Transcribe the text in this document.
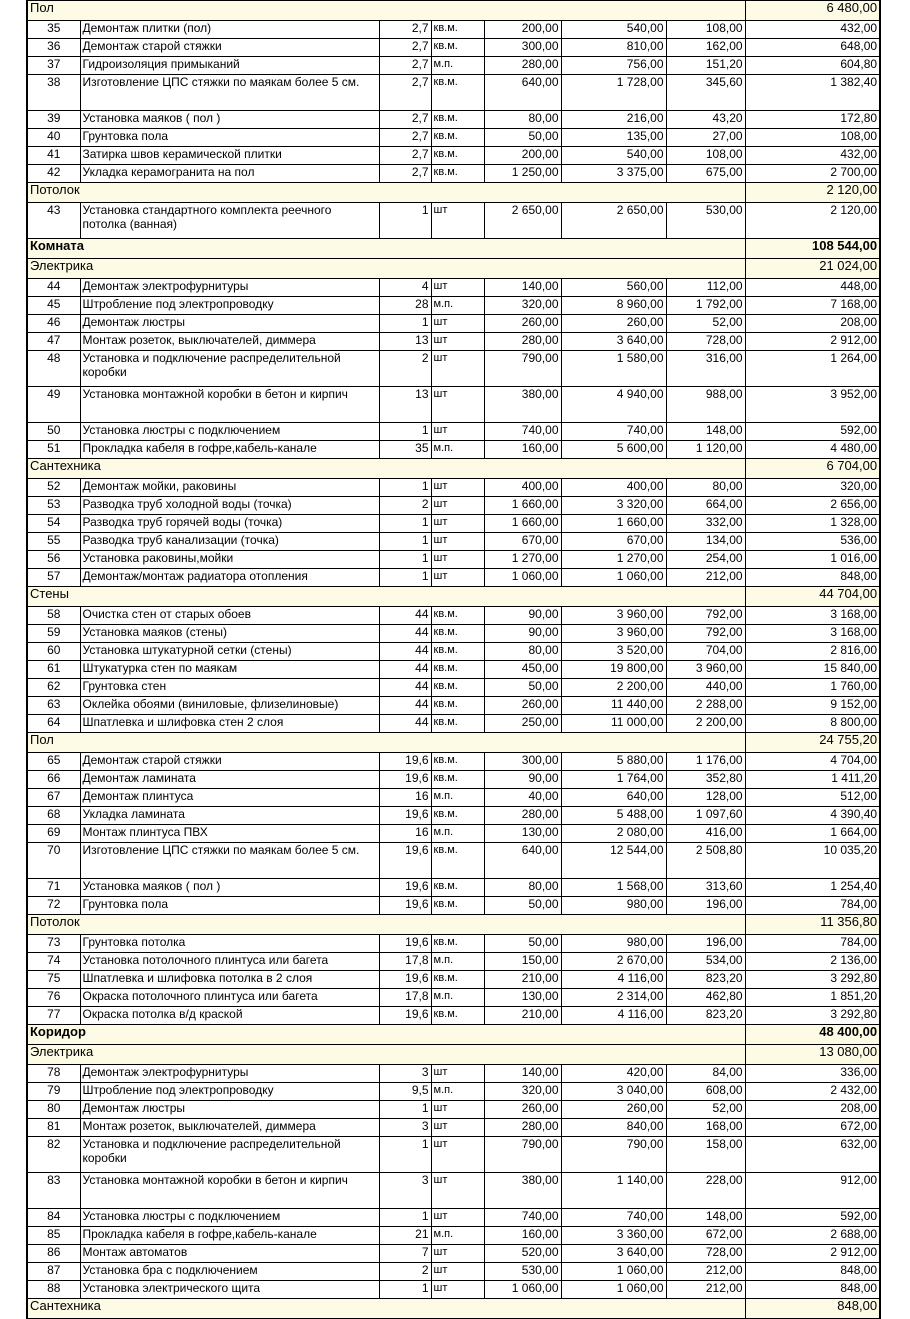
Пол							6 480,00
35	Демонтаж плитки (пол)	2,7	кв.м.	200,00	540,00	108,00	432,00
36	Демонтаж старой стяжки	2,7	кв.м.	300,00	810,00	162,00	648,00
37	Гидроизоляция примыканий	2,7	м.п.	280,00	756,00	151,20	604,80
38	Изготовление ЦПС стяжки по маякам более 5 см.	2,7	кв.м.	640,00	1 728,00	345,60	1 382,40
39	Установка маяков ( пол )	2,7	кв.м.	80,00	216,00	43,20	172,80
40	Грунтовка пола	2,7	кв.м.	50,00	135,00	27,00	108,00
41	Затирка швов керамической плитки	2,7	кв.м.	200,00	540,00	108,00	432,00
42	Укладка керамогранита на пол	2,7	кв.м.	1 250,00	3 375,00	675,00	2 700,00
Потолок							2 120,00
43	Установка стандартного комплекта реечного потолка (ванная)	1	шт	2 650,00	2 650,00	530,00	2 120,00
Комната							108 544,00
Электрика							21 024,00
44	Демонтаж электрофурнитуры	4	шт	140,00	560,00	112,00	448,00
45	Штробление под электропроводку	28	м.п.	320,00	8 960,00	1 792,00	7 168,00
46	Демонтаж люстры	1	шт	260,00	260,00	52,00	208,00
47	Монтаж розеток, выключателей, диммера	13	шт	280,00	3 640,00	728,00	2 912,00
48	Установка и подключение распределительной коробки	2	шт	790,00	1 580,00	316,00	1 264,00
49	Установка монтажной коробки в бетон и кирпич	13	шт	380,00	4 940,00	988,00	3 952,00
50	Установка люстры с подключением	1	шт	740,00	740,00	148,00	592,00
51	Прокладка кабеля в гофре,кабель-канале	35	м.п.	160,00	5 600,00	1 120,00	4 480,00
Сантехника							6 704,00
52	Демонтаж мойки, раковины	1	шт	400,00	400,00	80,00	320,00
53	Разводка труб холодной воды (точка)	2	шт	1 660,00	3 320,00	664,00	2 656,00
54	Разводка труб горячей воды (точка)	1	шт	1 660,00	1 660,00	332,00	1 328,00
55	Разводка труб канализации (точка)	1	шт	670,00	670,00	134,00	536,00
56	Установка раковины,мойки	1	шт	1 270,00	1 270,00	254,00	1 016,00
57	Демонтаж/монтаж радиатора отопления	1	шт	1 060,00	1 060,00	212,00	848,00
Стены							44 704,00
58	Очистка стен от старых обоев	44	кв.м.	90,00	3 960,00	792,00	3 168,00
59	Установка маяков (стены)	44	кв.м.	90,00	3 960,00	792,00	3 168,00
60	Установка штукатурной сетки (стены)	44	кв.м.	80,00	3 520,00	704,00	2 816,00
61	Штукатурка стен по маякам	44	кв.м.	450,00	19 800,00	3 960,00	15 840,00
62	Грунтовка стен	44	кв.м.	50,00	2 200,00	440,00	1 760,00
63	Оклейка обоями (виниловые, флизелиновые)	44	кв.м.	260,00	11 440,00	2 288,00	9 152,00
64	Шпатлевка и шлифовка стен 2 слоя	44	кв.м.	250,00	11 000,00	2 200,00	8 800,00
Пол							24 755,20
65	Демонтаж старой стяжки	19,6	кв.м.	300,00	5 880,00	1 176,00	4 704,00
66	Демонтаж ламината	19,6	кв.м.	90,00	1 764,00	352,80	1 411,20
67	Демонтаж плинтуса	16	м.п.	40,00	640,00	128,00	512,00
68	Укладка ламината	19,6	кв.м.	280,00	5 488,00	1 097,60	4 390,40
69	Монтаж плинтуса ПВХ	16	м.п.	130,00	2 080,00	416,00	1 664,00
70	Изготовление ЦПС стяжки по маякам более 5 см.	19,6	кв.м.	640,00	12 544,00	2 508,80	10 035,20
71	Установка маяков ( пол )	19,6	кв.м.	80,00	1 568,00	313,60	1 254,40
72	Грунтовка пола	19,6	кв.м.	50,00	980,00	196,00	784,00
Потолок							11 356,80
73	Грунтовка потолка	19,6	кв.м.	50,00	980,00	196,00	784,00
74	Установка потолочного плинтуса или багета	17,8	м.п.	150,00	2 670,00	534,00	2 136,00
75	Шпатлевка и шлифовка потолка в 2 слоя	19,6	кв.м.	210,00	4 116,00	823,20	3 292,80
76	Окраска потолочного плинтуса или багета	17,8	м.п.	130,00	2 314,00	462,80	1 851,20
77	Окраска потолка в/д краской	19,6	кв.м.	210,00	4 116,00	823,20	3 292,80
Коридор							48 400,00
Электрика							13 080,00
78	Демонтаж электрофурнитуры	3	шт	140,00	420,00	84,00	336,00
79	Штробление под электропроводку	9,5	м.п.	320,00	3 040,00	608,00	2 432,00
80	Демонтаж люстры	1	шт	260,00	260,00	52,00	208,00
81	Монтаж розеток, выключателей, диммера	3	шт	280,00	840,00	168,00	672,00
82	Установка и подключение распределительной коробки	1	шт	790,00	790,00	158,00	632,00
83	Установка монтажной коробки в бетон и кирпич	3	шт	380,00	1 140,00	228,00	912,00
84	Установка люстры с подключением	1	шт	740,00	740,00	148,00	592,00
85	Прокладка кабеля в гофре,кабель-канале	21	м.п.	160,00	3 360,00	672,00	2 688,00
86	Монтаж автоматов	7	шт	520,00	3 640,00	728,00	2 912,00
87	Установка бра с подключением	2	шт	530,00	1 060,00	212,00	848,00
88	Установка электрического щита	1	шт	1 060,00	1 060,00	212,00	848,00
Сантехника							848,00
